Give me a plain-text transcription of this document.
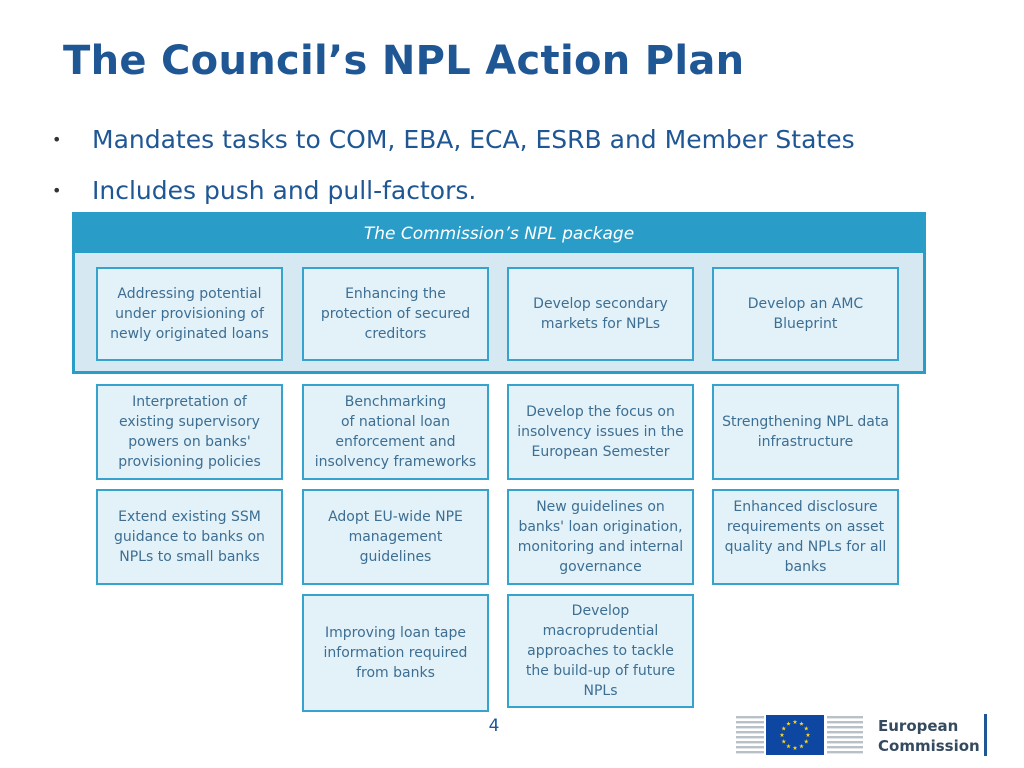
The Council’s NPL Action Plan
• Mandates tasks to COM, EBA, ECA, ESRB and Member States
• Includes push and pull-factors.
The Commission’s NPL package
Addressing potential
under provisioning of
newly originated loans
Enhancing the
protection of secured
creditors
Develop secondary
markets for NPLs
Develop an AMC
Blueprint
Interpretation of
existing supervisory
powers on banks'
provisioning policies
Benchmarking
of national loan
enforcement and
insolvency frameworks
Develop the focus on
insolvency issues in the
European Semester
Strengthening NPL data
infrastructure
Extend existing SSM
guidance to banks on
NPLs to small banks
Adopt EU-wide NPE
management guidelines
New guidelines on
banks' loan origination,
monitoring and internal
governance
Enhanced disclosure
requirements on asset
quality and NPLs for all
banks
Improving loan tape
information required
from banks
Develop
macroprudential
approaches to tackle
the build-up of future
NPLs
4	European
Commission
